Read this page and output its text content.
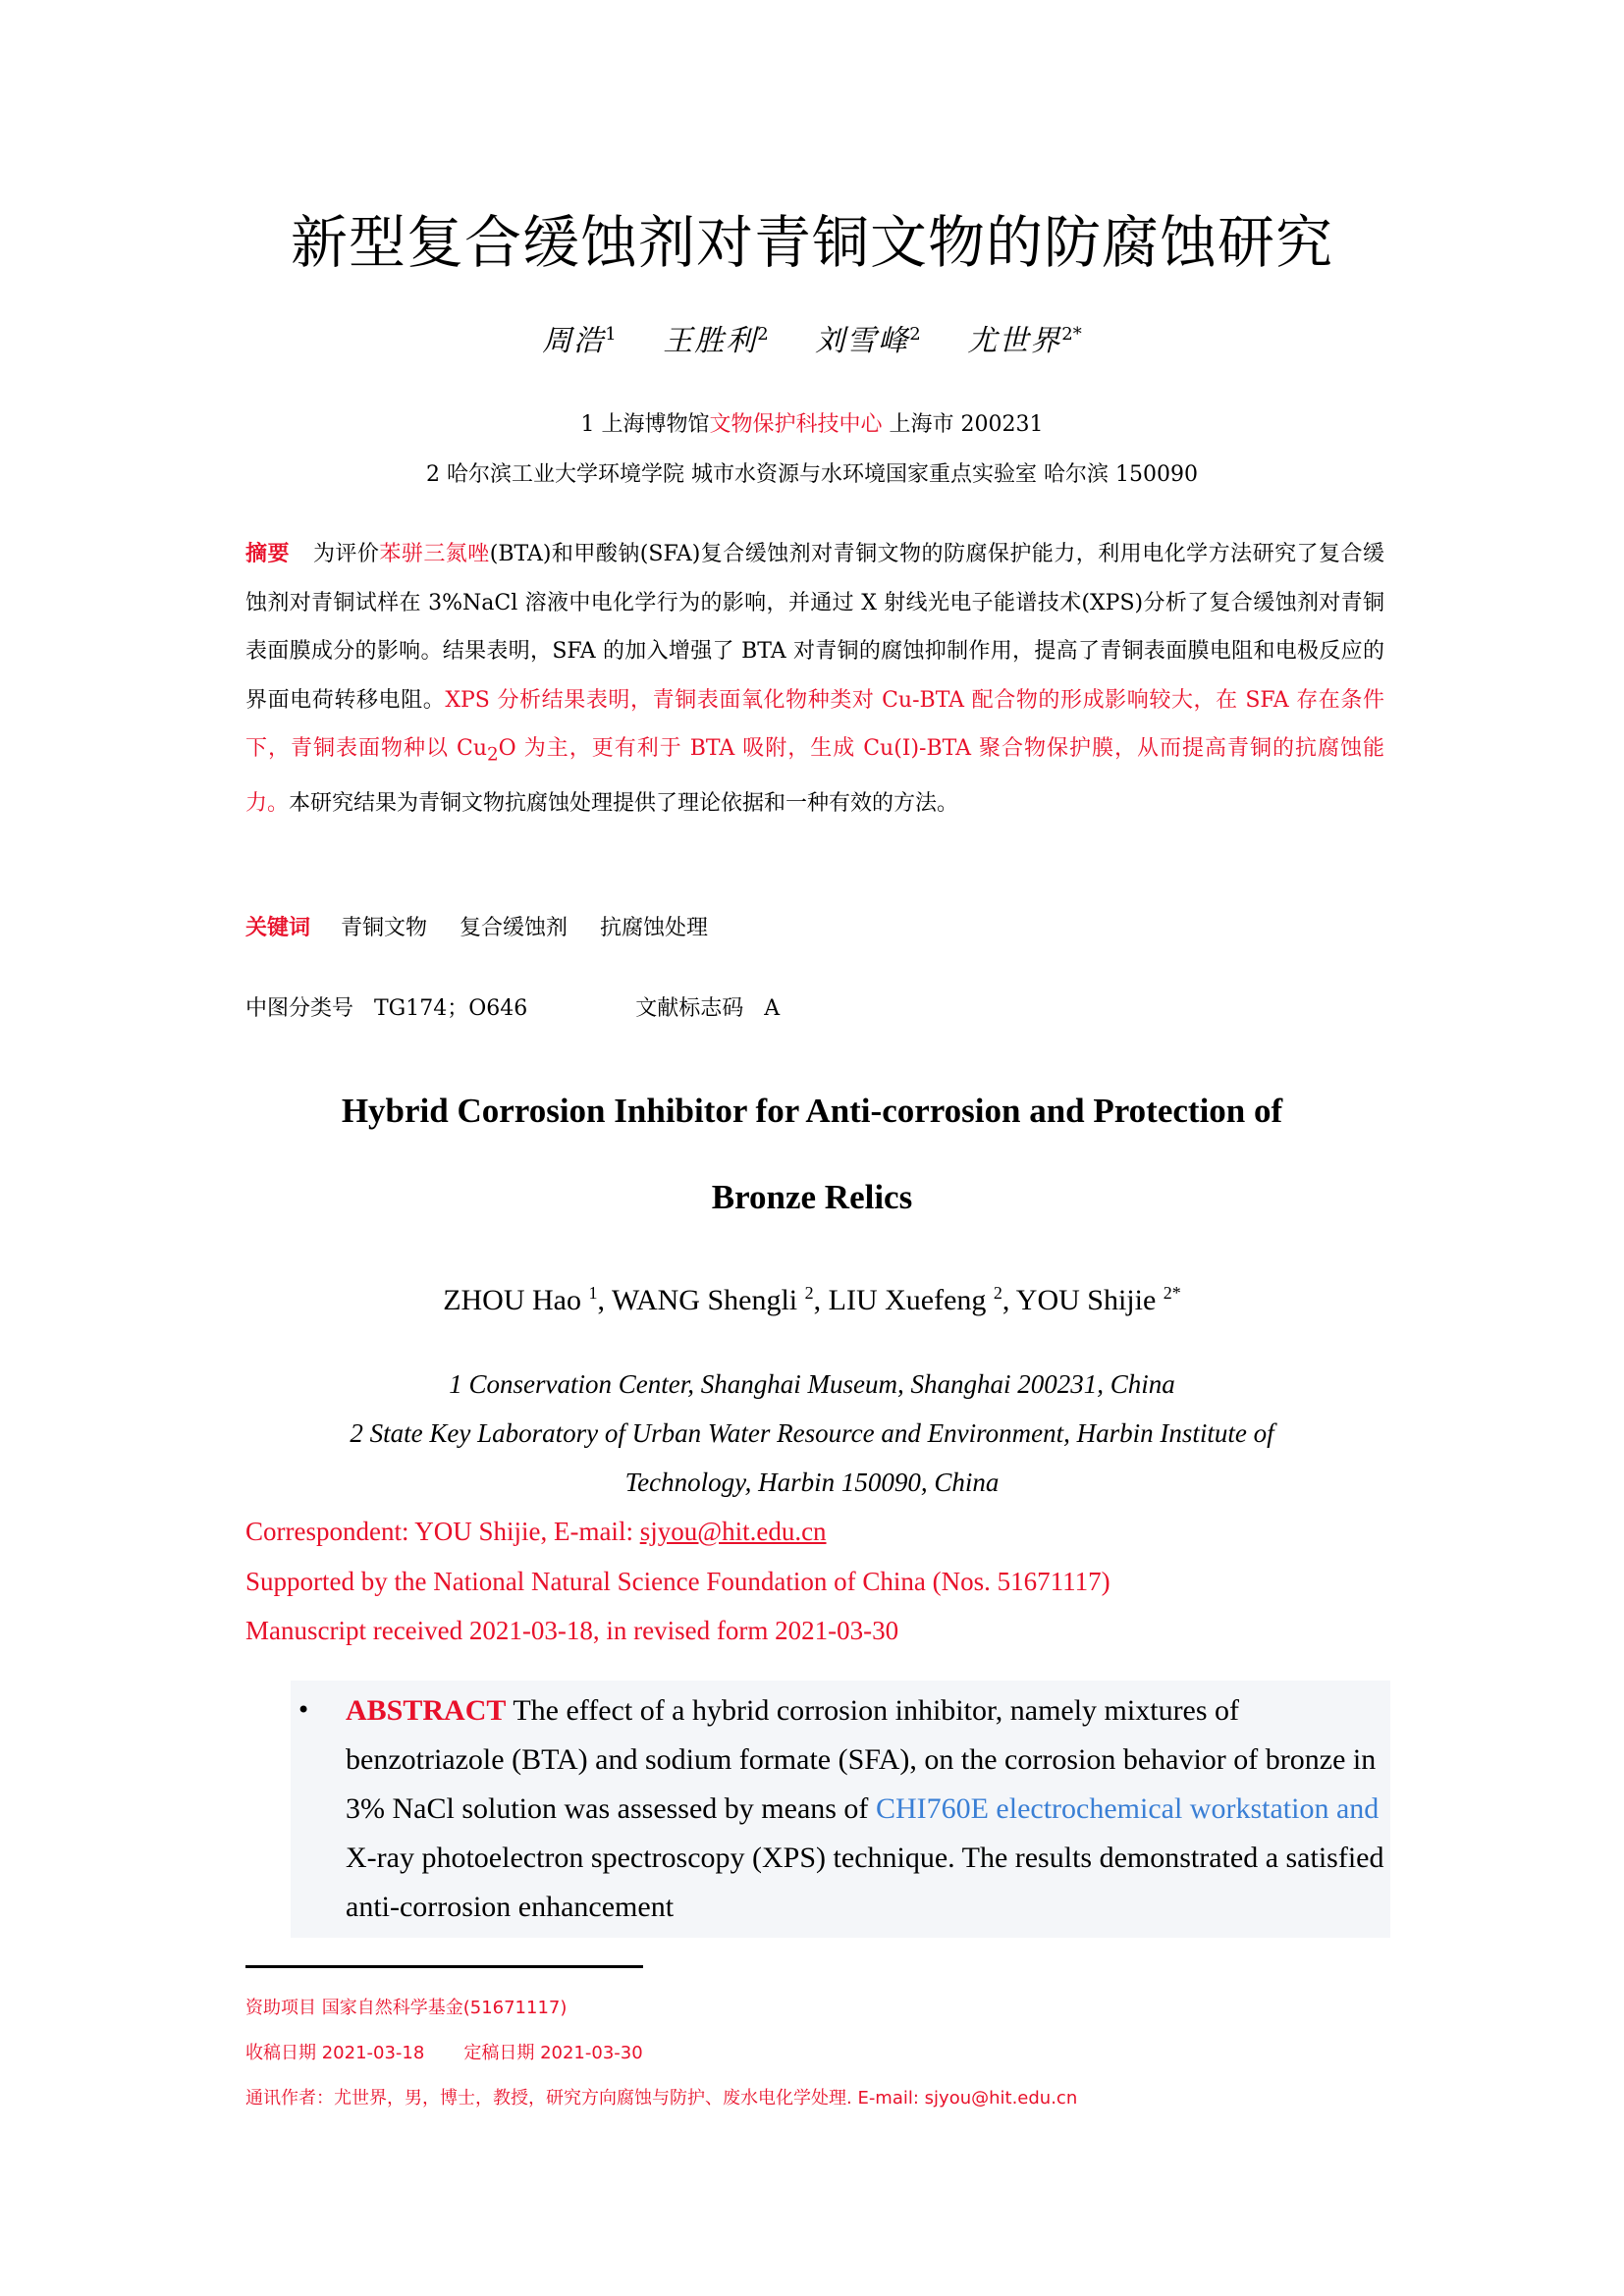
新型复合缓蚀剂对青铜文物的防腐蚀研究
周浩$^1$ 王胜利$^2$ 刘雪峰$^2$ 尤世界$^{2*}$
1 上海博物馆文物保护科技中心 上海市 200231
2 哈尔滨工业大学环境学院 城市水资源与水环境国家重点实验室 哈尔滨 150090
摘要 为评价苯骈三氮唑(BTA)和甲酸钠(SFA)复合缓蚀剂对青铜文物的防腐保护能力，利用电化学方法研究了复合缓蚀剂对青铜试样在 3%NaCl 溶液中电化学行为的影响，并通过 X 射线光电子能谱技术(XPS)分析了复合缓蚀剂对青铜表面膜成分的影响。结果表明，SFA 的加入增强了 BTA 对青铜的腐蚀抑制作用，提高了青铜表面膜电阻和电极反应的界面电荷转移电阻。XPS 分析结果表明，青铜表面氧化物种类对 Cu-BTA 配合物的形成影响较大，在 SFA 存在条件下，青铜表面物种以 $Cu_2O$ 为主，更有利于 BTA 吸附，生成 Cu(I)-BTA 聚合物保护膜，从而提高青铜的抗腐蚀能力。本研究结果为青铜文物抗腐蚀处理提供了理论依据和一种有效的方法。
关键词 青铜文物 复合缓蚀剂 抗腐蚀处理
中图分类号 TG174；O646	文献标志码 A
Hybrid Corrosion Inhibitor for Anti-corrosion and Protection of
Bronze Relics
ZHOU Hao $^1$, WANG Shengli $^2$, LIU Xuefeng $^2$, YOU Shijie $^{2*}$
1 Conservation Center, Shanghai Museum, Shanghai 200231, China
2 State Key Laboratory of Urban Water Resource and Environment, Harbin Institute of
Technology, Harbin 150090, China
Correspondent: YOU Shijie, E-mail: sjyou@hit.edu.cn
Supported by the National Natural Science Foundation of China (Nos. 51671117)
Manuscript received 2021-03-18, in revised form 2021-03-30
• ABSTRACT The effect of a hybrid corrosion inhibitor, namely mixtures of benzotriazole (BTA) and sodium formate (SFA), on the corrosion behavior of bronze in 3% NaCl solution was assessed by means of CHI760E electrochemical workstation and X-ray photoelectron spectroscopy (XPS) technique. The results demonstrated a satisfied anti-corrosion enhancement
资助项目 国家自然科学基金(51671117)
收稿日期 2021-03-18 定稿日期 2021-03-30
通讯作者：尤世界，男，博士，教授，研究方向腐蚀与防护、废水电化学处理. E-mail: sjyou@hit.edu.cn
